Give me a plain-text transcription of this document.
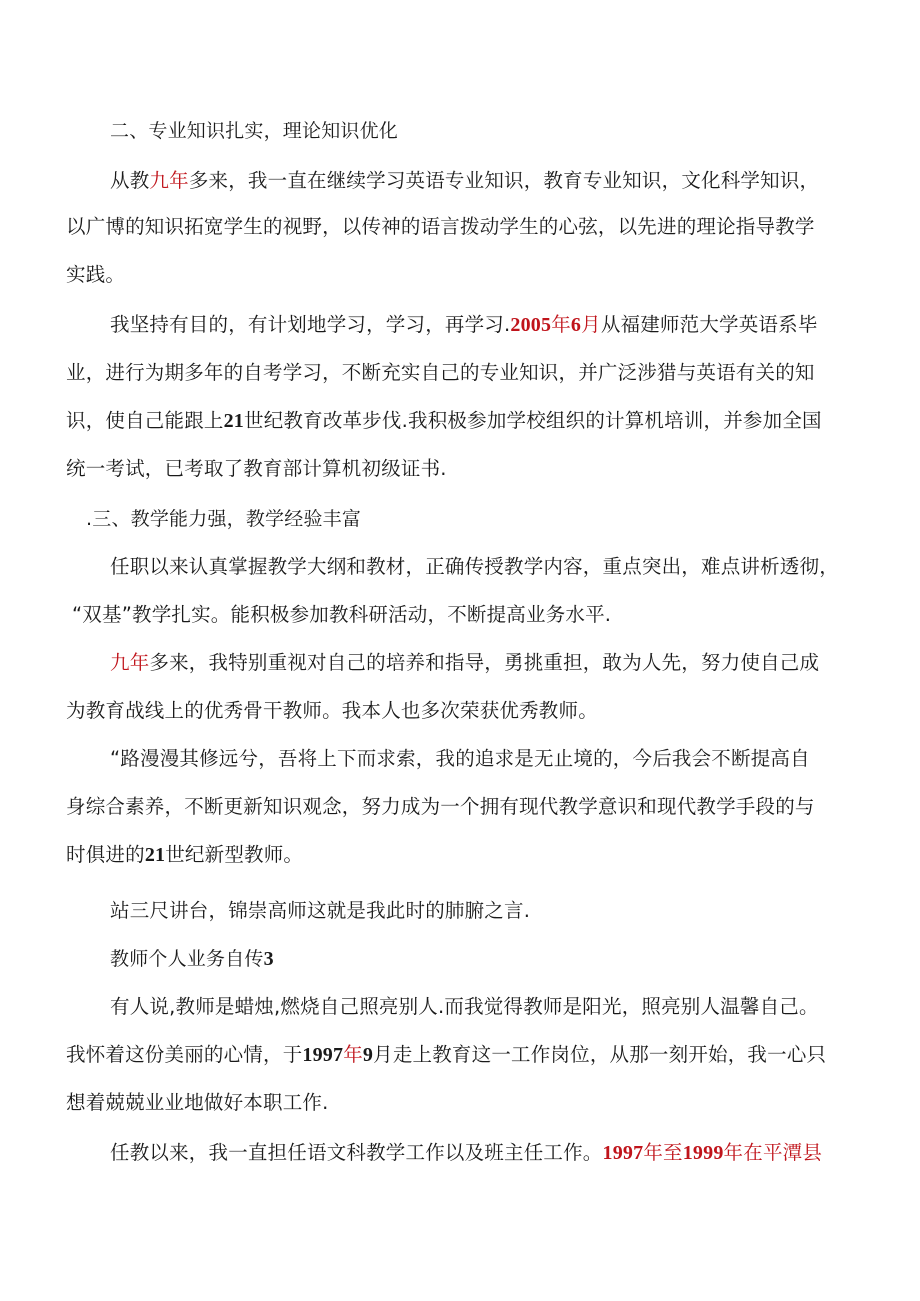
二、专业知识扎实，理论知识优化
从教九年多来，我一直在继续学习英语专业知识，教育专业知识，文化科学知识，
以广博的知识拓宽学生的视野，以传神的语言拨动学生的心弦，以先进的理论指导教学
实践。
我坚持有目的，有计划地学习，学习，再学习.2005年6月从福建师范大学英语系毕
业，进行为期多年的自考学习，不断充实自己的专业知识，并广泛涉猎与英语有关的知
识，使自己能跟上21世纪教育改革步伐.我积极参加学校组织的计算机培训，并参加全国
统一考试，已考取了教育部计算机初级证书.
.三、教学能力强，教学经验丰富
任职以来认真掌握教学大纲和教材，正确传授教学内容，重点突出，难点讲析透彻，
“双基”教学扎实。能积极参加教科研活动，不断提高业务水平.
九年多来，我特别重视对自己的培养和指导，勇挑重担，敢为人先，努力使自己成
为教育战线上的优秀骨干教师。我本人也多次荣获优秀教师。
“路漫漫其修远兮，吾将上下而求索，我的追求是无止境的，今后我会不断提高自
身综合素养，不断更新知识观念，努力成为一个拥有现代教学意识和现代教学手段的与
时俱进的21世纪新型教师。
站三尺讲台，锦崇高师这就是我此时的肺腑之言.
教师个人业务自传3
有人说,教师是蜡烛,燃烧自己照亮别人.而我觉得教师是阳光，照亮别人温馨自己。
我怀着这份美丽的心情，于1997年9月走上教育这一工作岗位，从那一刻开始，我一心只
想着兢兢业业地做好本职工作.
任教以来，我一直担任语文科教学工作以及班主任工作。1997年至1999年在平潭县
